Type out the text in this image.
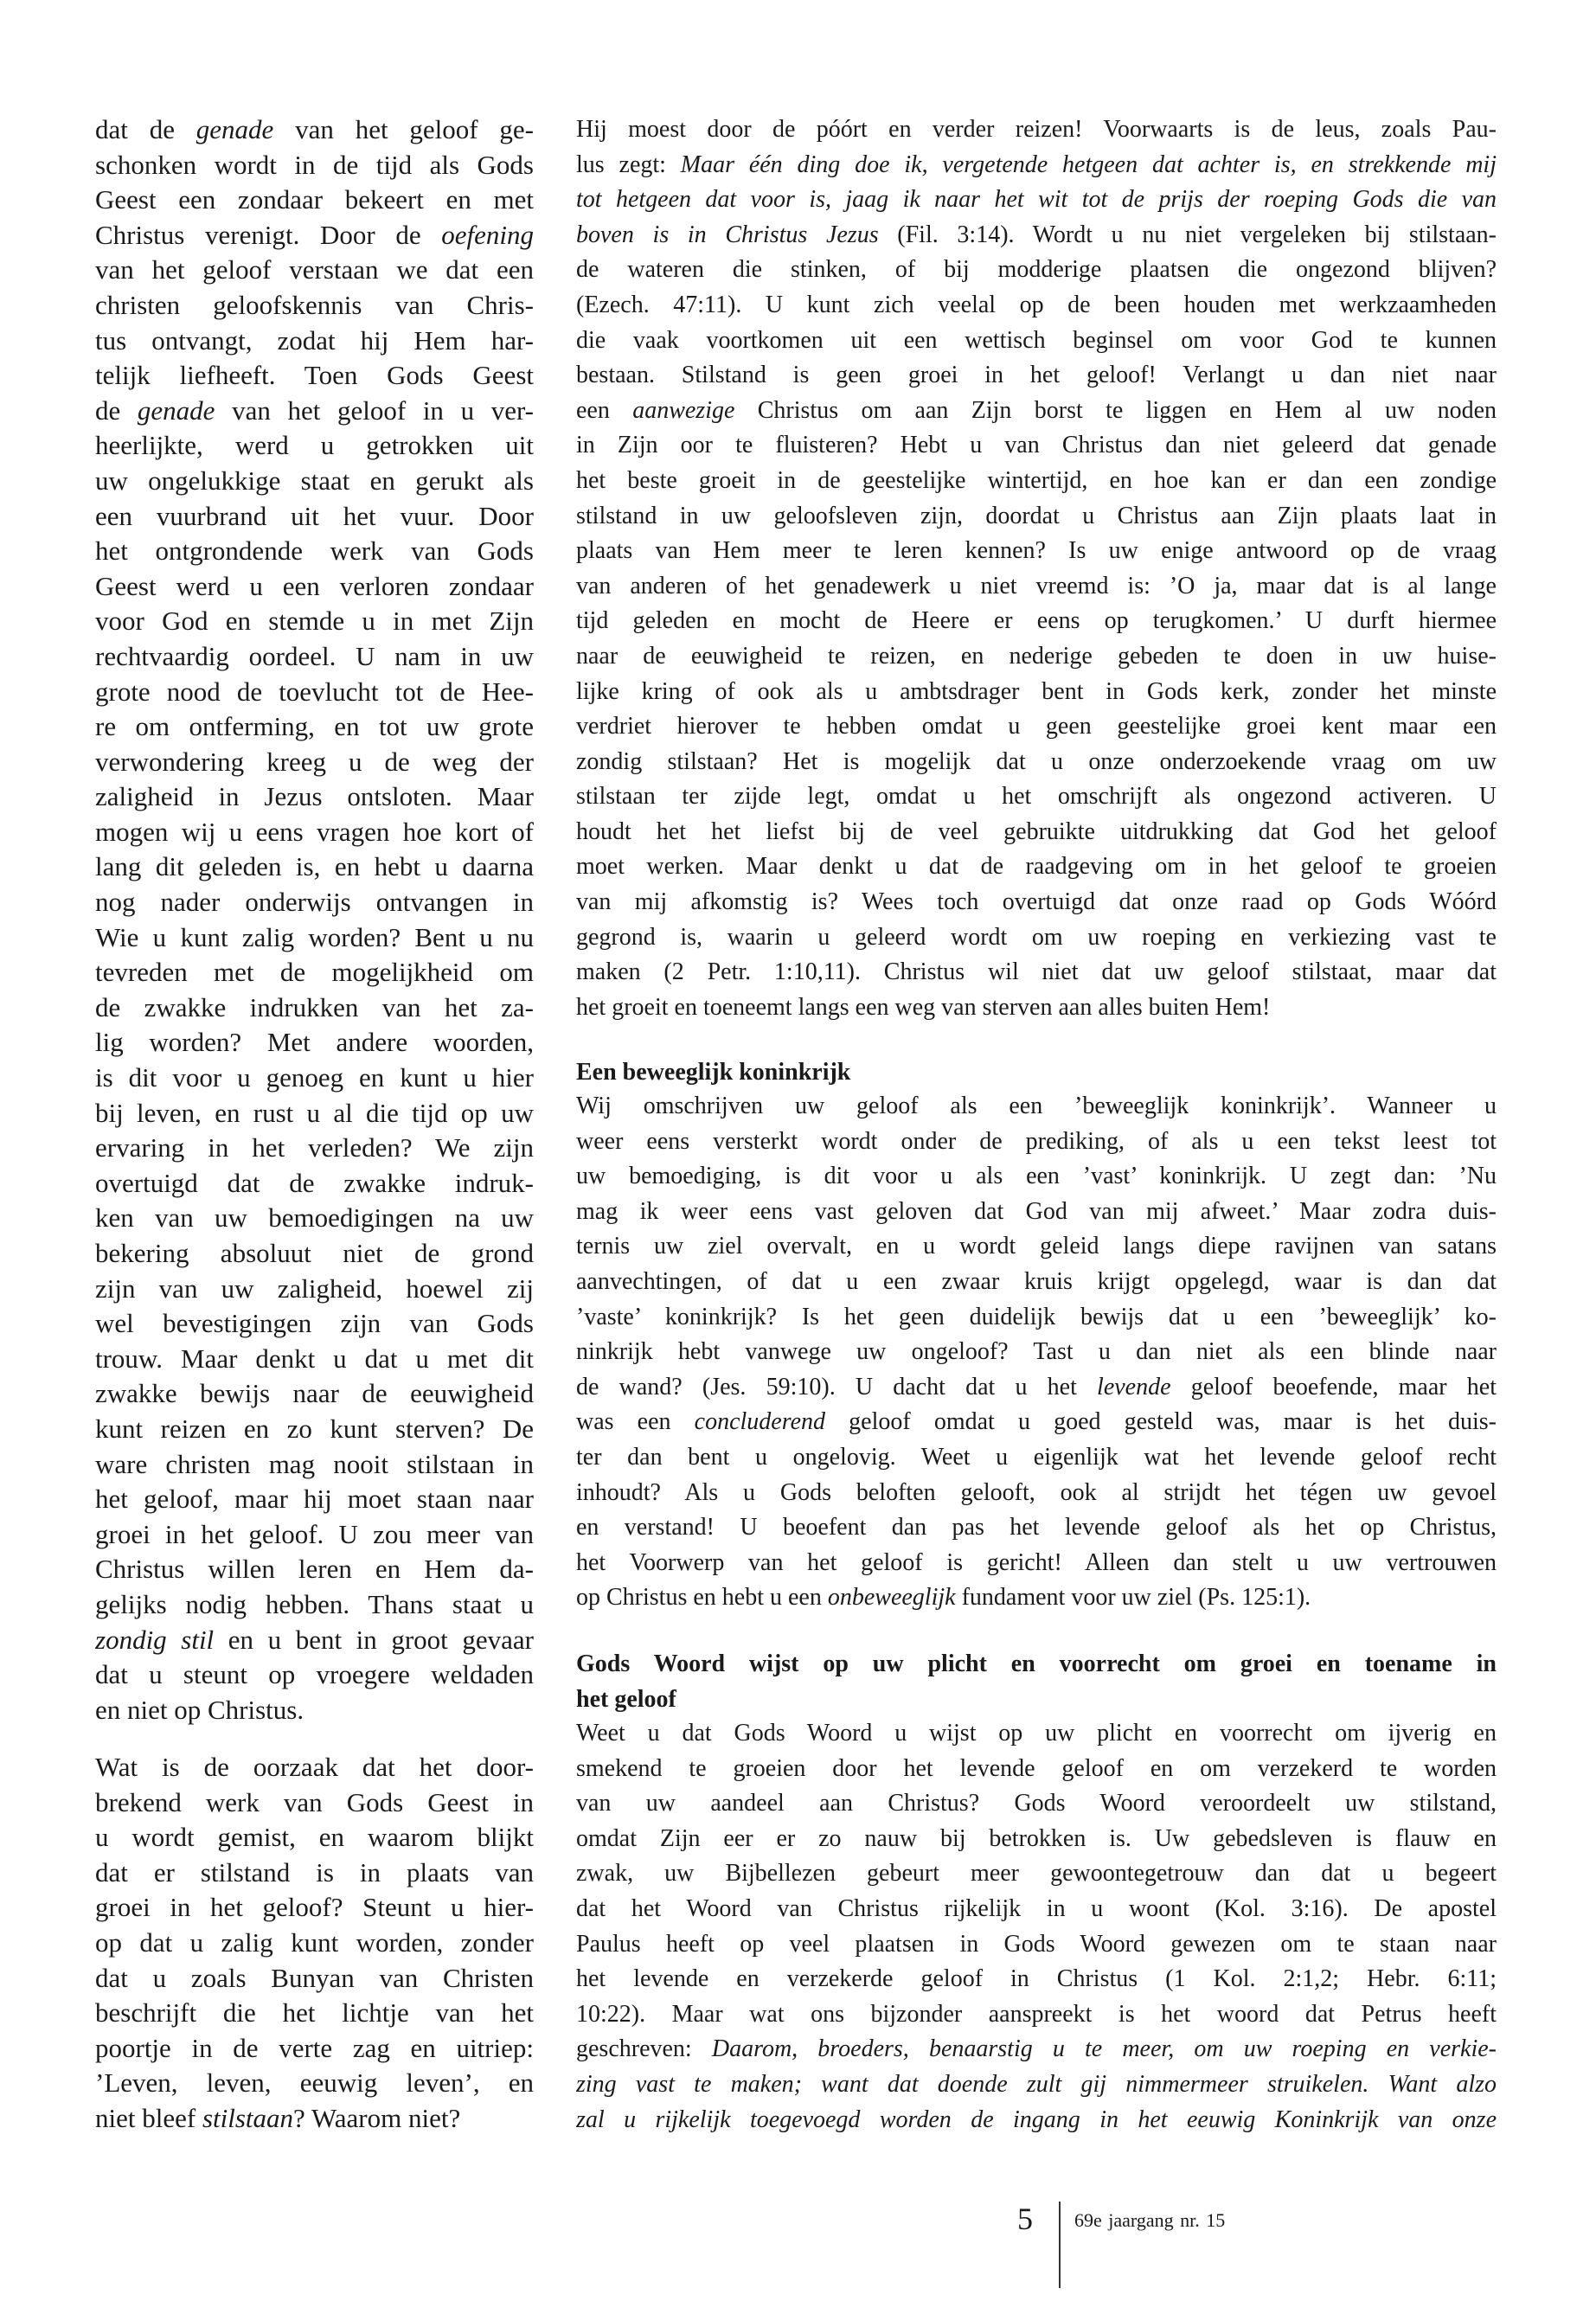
dat de genade van het geloof ge-
schonken wordt in de tijd als Gods
Geest een zondaar bekeert en met
Christus verenigt. Door de oefening
van het geloof verstaan we dat een
christen geloofskennis van Chris-
tus ontvangt, zodat hij Hem har-
telijk liefheeft. Toen Gods Geest
de genade van het geloof in u ver-
heerlijkte, werd u getrokken uit
uw ongelukkige staat en gerukt als
een vuurbrand uit het vuur. Door
het ontgrondende werk van Gods
Geest werd u een verloren zondaar
voor God en stemde u in met Zijn
rechtvaardig oordeel. U nam in uw
grote nood de toevlucht tot de Hee-
re om ontferming, en tot uw grote
verwondering kreeg u de weg der
zaligheid in Jezus ontsloten. Maar
mogen wij u eens vragen hoe kort of
lang dit geleden is, en hebt u daarna
nog nader onderwijs ontvangen in
Wie u kunt zalig worden? Bent u nu
tevreden met de mogelijkheid om
de zwakke indrukken van het za-
lig worden? Met andere woorden,
is dit voor u genoeg en kunt u hier
bij leven, en rust u al die tijd op uw
ervaring in het verleden? We zijn
overtuigd dat de zwakke indruk-
ken van uw bemoedigingen na uw
bekering absoluut niet de grond
zijn van uw zaligheid, hoewel zij
wel bevestigingen zijn van Gods
trouw. Maar denkt u dat u met dit
zwakke bewijs naar de eeuwigheid
kunt reizen en zo kunt sterven? De
ware christen mag nooit stilstaan in
het geloof, maar hij moet staan naar
groei in het geloof. U zou meer van
Christus willen leren en Hem da-
gelijks nodig hebben. Thans staat u
zondig stil en u bent in groot gevaar
dat u steunt op vroegere weldaden
en niet op Christus.
Wat is de oorzaak dat het door-
brekend werk van Gods Geest in
u wordt gemist, en waarom blijkt
dat er stilstand is in plaats van
groei in het geloof? Steunt u hier-
op dat u zalig kunt worden, zonder
dat u zoals Bunyan van Christen
beschrijft die het lichtje van het
poortje in de verte zag en uitriep:
’Leven, leven, eeuwig leven’, en
niet bleef stilstaan? Waarom niet?
Hij moest door de póórt en verder reizen! Voorwaarts is de leus, zoals Pau-
lus zegt: Maar één ding doe ik, vergetende hetgeen dat achter is, en strekkende mij
tot hetgeen dat voor is, jaag ik naar het wit tot de prijs der roeping Gods die van
boven is in Christus Jezus (Fil. 3:14). Wordt u nu niet vergeleken bij stilstaan-
de wateren die stinken, of bij modderige plaatsen die ongezond blijven?
(Ezech. 47:11). U kunt zich veelal op de been houden met werkzaamheden
die vaak voortkomen uit een wettisch beginsel om voor God te kunnen
bestaan. Stilstand is geen groei in het geloof! Verlangt u dan niet naar
een aanwezige Christus om aan Zijn borst te liggen en Hem al uw noden
in Zijn oor te fluisteren? Hebt u van Christus dan niet geleerd dat genade
het beste groeit in de geestelijke wintertijd, en hoe kan er dan een zondige
stilstand in uw geloofsleven zijn, doordat u Christus aan Zijn plaats laat in
plaats van Hem meer te leren kennen? Is uw enige antwoord op de vraag
van anderen of het genadewerk u niet vreemd is: ’O ja, maar dat is al lange
tijd geleden en mocht de Heere er eens op terugkomen.’ U durft hiermee
naar de eeuwigheid te reizen, en nederige gebeden te doen in uw huise-
lijke kring of ook als u ambtsdrager bent in Gods kerk, zonder het minste
verdriet hierover te hebben omdat u geen geestelijke groei kent maar een
zondig stilstaan? Het is mogelijk dat u onze onderzoekende vraag om uw
stilstaan ter zijde legt, omdat u het omschrijft als ongezond activeren. U
houdt het het liefst bij de veel gebruikte uitdrukking dat God het geloof
moet werken. Maar denkt u dat de raadgeving om in het geloof te groeien
van mij afkomstig is? Wees toch overtuigd dat onze raad op Gods Wóórd
gegrond is, waarin u geleerd wordt om uw roeping en verkiezing vast te
maken (2 Petr. 1:10,11). Christus wil niet dat uw geloof stilstaat, maar dat
het groeit en toeneemt langs een weg van sterven aan alles buiten Hem!
Een beweeglijk koninkrijk
Wij omschrijven uw geloof als een ’beweeglijk koninkrijk’. Wanneer u
weer eens versterkt wordt onder de prediking, of als u een tekst leest tot
uw bemoediging, is dit voor u als een ’vast’ koninkrijk. U zegt dan: ’Nu
mag ik weer eens vast geloven dat God van mij afweet.’ Maar zodra duis-
ternis uw ziel overvalt, en u wordt geleid langs diepe ravijnen van satans
aanvechtingen, of dat u een zwaar kruis krijgt opgelegd, waar is dan dat
’vaste’ koninkrijk? Is het geen duidelijk bewijs dat u een ’beweeglijk’ ko-
ninkrijk hebt vanwege uw ongeloof? Tast u dan niet als een blinde naar
de wand? (Jes. 59:10). U dacht dat u het levende geloof beoefende, maar het
was een concluderend geloof omdat u goed gesteld was, maar is het duis-
ter dan bent u ongelovig. Weet u eigenlijk wat het levende geloof recht
inhoudt? Als u Gods beloften gelooft, ook al strijdt het tégen uw gevoel
en verstand! U beoefent dan pas het levende geloof als het op Christus,
het Voorwerp van het geloof is gericht! Alleen dan stelt u uw vertrouwen
op Christus en hebt u een onbeweeglijk fundament voor uw ziel (Ps. 125:1).
Gods Woord wijst op uw plicht en voorrecht om groei en toename in
het geloof
Weet u dat Gods Woord u wijst op uw plicht en voorrecht om ijverig en
smekend te groeien door het levende geloof en om verzekerd te worden
van uw aandeel aan Christus? Gods Woord veroordeelt uw stilstand,
omdat Zijn eer er zo nauw bij betrokken is. Uw gebedsleven is flauw en
zwak, uw Bijbellezen gebeurt meer gewoontegetrouw dan dat u begeert
dat het Woord van Christus rijkelijk in u woont (Kol. 3:16). De apostel
Paulus heeft op veel plaatsen in Gods Woord gewezen om te staan naar
het levende en verzekerde geloof in Christus (1 Kol. 2:1,2; Hebr. 6:11;
10:22). Maar wat ons bijzonder aanspreekt is het woord dat Petrus heeft
geschreven: Daarom, broeders, benaarstig u te meer, om uw roeping en verkie-
zing vast te maken; want dat doende zult gij nimmermeer struikelen. Want alzo
zal u rijkelijk toegevoegd worden de ingang in het eeuwig Koninkrijk van onze
5 69e jaargang nr. 15
